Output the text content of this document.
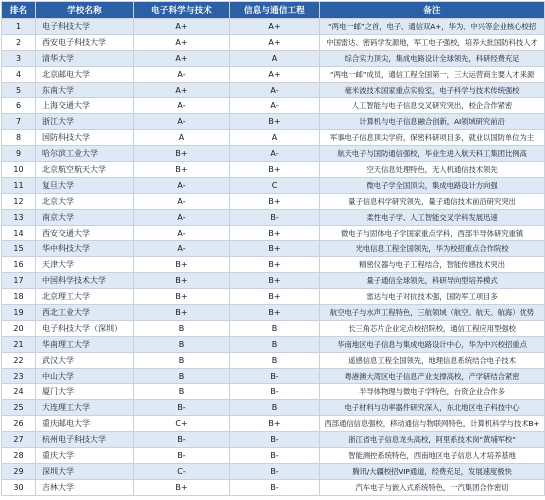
排名	学校名称	电子科学与技术	信息与通信工程	备注
1	电子科技大学	A+	A+	“两电一邮”之首，电子、通信双A+，华为、中兴等企业核心校招
2	西安电子科技大学	A+	A+	中国雷达、密码学发源地，军工电子强校，培养大批国防科技人才
3	清华大学	A+	A	综合实力顶尖，集成电路设计全球领先，科研经费充足
4	北京邮电大学	A-	A+	“两电一邮”成员，通信工程全国第一，三大运营商主要人才来源
5	东南大学	A+	A-	毫米波技术国家重点实验室，电子科学与技术传统强校
6	上海交通大学	A-	A-	人工智能与电子信息交叉研究突出，校企合作紧密
7	浙江大学	A-	B+	计算机与电子信息融合创新，AI领域研究前沿
8	国防科技大学	A	A	军事电子信息顶尖学府，保密科研项目多，就业以国防单位为主
9	哈尔滨工业大学	B+	A-	航天电子与国防通信强校，毕业生进入航天科工集团比例高
10	北京航空航天大学	B+	B+	空天信息处理特色，无人机通信技术领先
11	复旦大学	A-	C	微电子学全国顶尖，集成电路设计方向强
12	北京大学	A-	B+	量子信息科学研究领先，量子通信技术前沿研究突出
13	南京大学	A-	B-	柔性电子学、人工智能交叉学科发展迅速
14	西安交通大学	A-	B+	微电子与固体电子学国家重点学科，西部半导体研究重镇
15	华中科技大学	A-	B+	光电信息工程全国领先，华为校招重点合作院校
16	天津大学	B+	B+	精密仪器与电子工程结合，智能传感技术突出
17	中国科学技术大学	B+	B+	量子通信全球领先，科研导向型培养模式
18	北京理工大学	B+	B+	雷达与电子对抗技术强，国防军工项目多
19	西北工业大学	B+	B+	航空电子与水声工程特色，三航领域（航空、航天、航海）优势
20	电子科技大学（深圳）	B	B	长三角芯片企业定点校招院校，通信工程应用型强校
21	华南理工大学	B	B	华南地区电子信息与集成电路设计中心，华为中兴校招重点
22	武汉大学	B	B	遥感信息工程全国领先，地理信息系统结合电子技术
23	中山大学	B	B-	粤港澳大湾区电子信息产业支撑高校，产学研结合紧密
24	厦门大学	B	B-	半导体物理与微电子学特色，台资企业合作多
25	大连理工大学	B-	B	电子材料与功率器件研究深入，东北地区电子科技中心
26	重庆邮电大学	C+	B+	西部通信信息强校，移动通信与物联网特色，计算机科学与技术B+
27	杭州电子科技大学	B-	B-	浙江省电子信息龙头高校，阿里系技术岗“黄埔军校”
28	重庆大学	B-	B-	智能测控系统特色，西南地区电子信息人才培养基地
29	深圳大学	C-	B-	腾讯/大疆校招VIP通道，经费充足，发展速度极快
30	吉林大学	B+	B-	汽车电子与嵌入式系统特色，一汽集团合作密切
